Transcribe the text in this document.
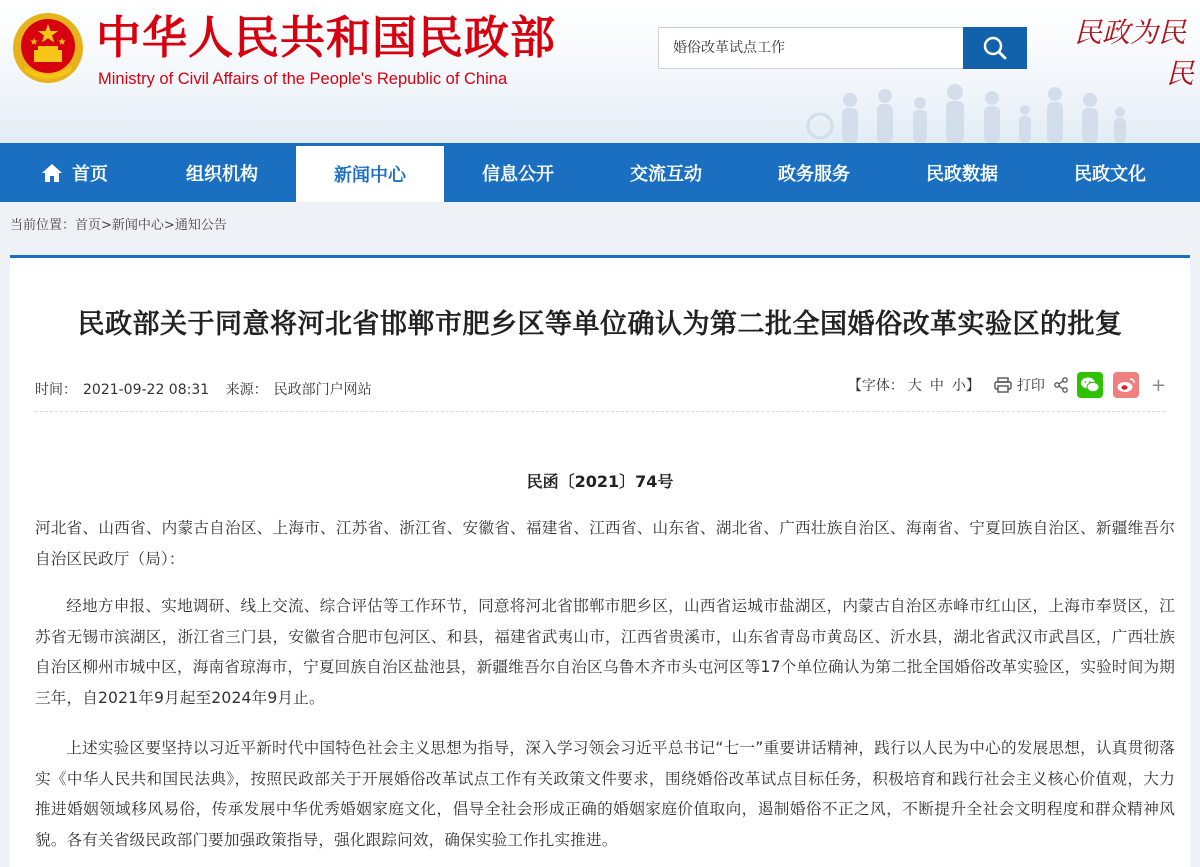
中华人民共和国民政部
Ministry of Civil Affairs of the People's Republic of China
婚俗改革试点工作	民政为民
民
首页	组织机构	新闻中心	信息公开	交流互动	政务服务	民政数据	民政文化
当前位置：首页>新闻中心>通知公告
民政部关于同意将河北省邯郸市肥乡区等单位确认为第二批全国婚俗改革实验区的批复
时间： 2021-09-22 08:31 来源： 民政部门户网站	【字体： 大 中 小】	打印	+
民函〔2021〕74号

河北省、山西省、内蒙古自治区、上海市、江苏省、浙江省、安徽省、福建省、江西省、山东省、湖北省、广西壮族自治区、海南省、宁夏回族自治区、新疆维吾尔自治区民政厅（局）：

经地方申报、实地调研、线上交流、综合评估等工作环节，同意将河北省邯郸市肥乡区，山西省运城市盐湖区，内蒙古自治区赤峰市红山区，上海市奉贤区，江苏省无锡市滨湖区，浙江省三门县，安徽省合肥市包河区、和县，福建省武夷山市，江西省贵溪市，山东省青岛市黄岛区、沂水县，湖北省武汉市武昌区，广西壮族自治区柳州市城中区，海南省琼海市，宁夏回族自治区盐池县，新疆维吾尔自治区乌鲁木齐市头屯河区等17个单位确认为第二批全国婚俗改革实验区，实验时间为期三年，自2021年9月起至2024年9月止。

上述实验区要坚持以习近平新时代中国特色社会主义思想为指导，深入学习领会习近平总书记“七一”重要讲话精神，践行以人民为中心的发展思想，认真贯彻落实《中华人民共和国民法典》，按照民政部关于开展婚俗改革试点工作有关政策文件要求，围绕婚俗改革试点目标任务，积极培育和践行社会主义核心价值观，大力推进婚姻领域移风易俗，传承发展中华优秀婚姻家庭文化，倡导全社会形成正确的婚姻家庭价值取向，遏制婚俗不正之风，不断提升全社会文明程度和群众精神风貌。各有关省级民政部门要加强政策指导，强化跟踪问效，确保实验工作扎实推进。
